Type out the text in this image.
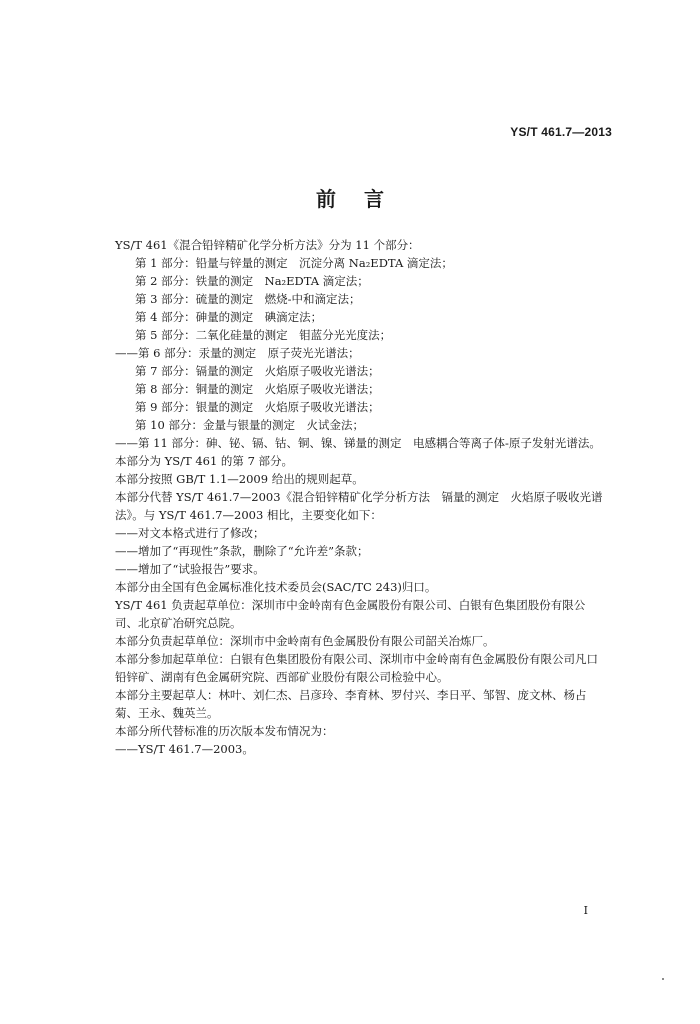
YS/T 461.7—2013
前言

YS/T 461《混合铅锌精矿化学分析方法》分为 11 个部分：

第 1 部分：铅量与锌量的测定　沉淀分离 Na₂EDTA 滴定法；

第 2 部分：铁量的测定　Na₂EDTA 滴定法；

第 3 部分：硫量的测定　燃烧-中和滴定法；

第 4 部分：砷量的测定　碘滴定法；

第 5 部分：二氧化硅量的测定　钼蓝分光光度法；

——第 6 部分：汞量的测定　原子荧光光谱法；

第 7 部分：镉量的测定　火焰原子吸收光谱法；

第 8 部分：铜量的测定　火焰原子吸收光谱法；

第 9 部分：银量的测定　火焰原子吸收光谱法；

第 10 部分：金量与银量的测定　火试金法；

——第 11 部分：砷、铋、镉、钴、铜、镍、锑量的测定　电感耦合等离子体-原子发射光谱法。

本部分为 YS/T 461 的第 7 部分。

本部分按照 GB/T 1.1—2009 给出的规则起草。

本部分代替 YS/T 461.7—2003《混合铅锌精矿化学分析方法　镉量的测定　火焰原子吸收光谱法》。与 YS/T 461.7—2003 相比，主要变化如下：

——对文本格式进行了修改；

——增加了“再现性”条款，删除了“允许差”条款；

——增加了“试验报告”要求。

本部分由全国有色金属标准化技术委员会(SAC/TC 243)归口。

YS/T 461 负责起草单位：深圳市中金岭南有色金属股份有限公司、白银有色集团股份有限公司、北京矿冶研究总院。

本部分负责起草单位：深圳市中金岭南有色金属股份有限公司韶关冶炼厂。

本部分参加起草单位：白银有色集团股份有限公司、深圳市中金岭南有色金属股份有限公司凡口铅锌矿、湖南有色金属研究院、西部矿业股份有限公司检验中心。

本部分主要起草人：林叶、刘仁杰、吕彦玲、李育林、罗付兴、李日平、邹智、庞文林、杨占菊、王永、魏英兰。

本部分所代替标准的历次版本发布情况为：

——YS/T 461.7—2003。

I
